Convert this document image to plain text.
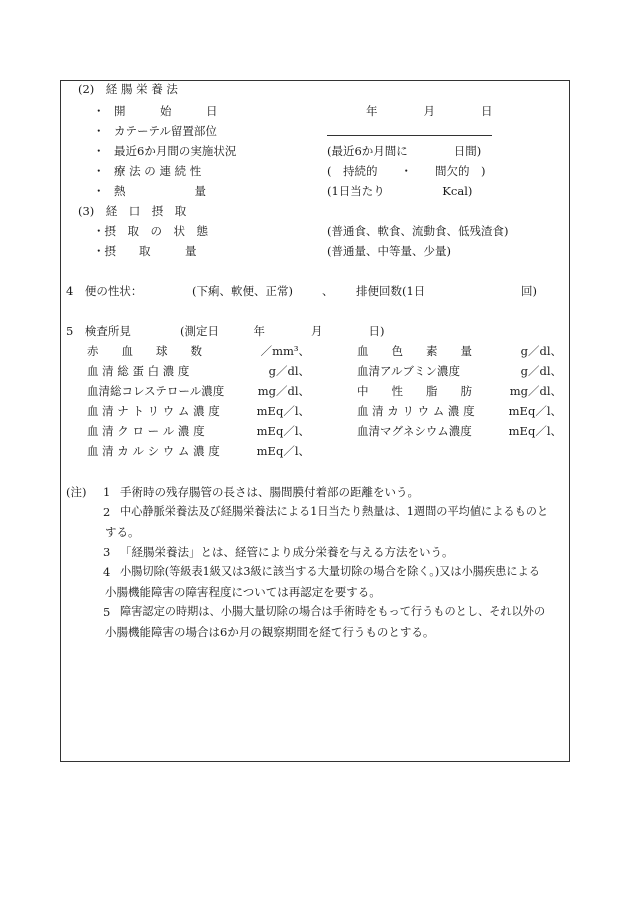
(2)　経 腸 栄 養 法
・ 開　　　始　　　日	年　　　　月　　　　日
・ カテーテル留置部位
・ 最近6か月間の実施状況	(最近6か月間に　　　　日間)
・ 療 法 の 連 続 性	(　持続的　　・　　間欠的　)
・ 熱　　　　　　量	(1日当たり　　　　　Kcal)
(3)　経　口　摂　取
・摂　取　の　状　態	(普通食、軟食、流動食、低残渣食)
・摂　　取　　　量	(普通量、中等量、少量)
4　便の性状：	(下痢、軟便、正常)	、 排便回数(1日	回)
5　検査所見	(測定日　　　年　　　　月　　　　日)
赤　　血　　球　　数	／mm³、	血　　色　　素　　量	g／dl、
血 清 総 蛋 白 濃 度	g／dl、	血清アルブミン濃度	g／dl、
血清総コレステロール濃度	mg／dl、	中　　性　　脂　　肪	mg／dl、
血 清 ナ ト リ ウ ム 濃 度	mEq／l、	血 清 カ リ ウ ム 濃 度	mEq／l、
血 清 ク ロ ー ル 濃 度	mEq／l、	血清マグネシウム濃度	mEq／l、
血 清 カ ル シ ウ ム 濃 度	mEq／l、
(注) 1 手術時の残存腸管の長さは、腸間膜付着部の距離をいう。
2 中心静脈栄養法及び経腸栄養法による1日当たり熱量は、1週間の平均値によるものと
する。
3 「経腸栄養法」とは、経管により成分栄養を与える方法をいう。
4 小腸切除(等級表1級又は3級に該当する大量切除の場合を除く。)又は小腸疾患による
小腸機能障害の障害程度については再認定を要する。
5 障害認定の時期は、小腸大量切除の場合は手術時をもって行うものとし、それ以外の
小腸機能障害の場合は6か月の観察期間を経て行うものとする。
